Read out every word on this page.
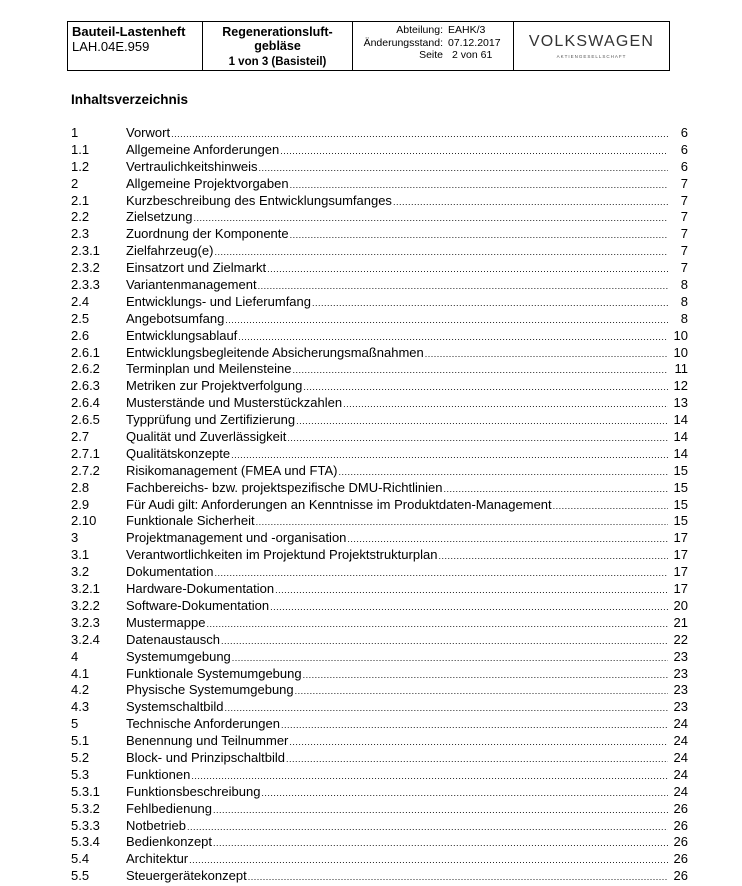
Bauteil-Lastenheft
LAH.04E.959
Regenerationsluft-
gebläse
1 von 3 (Basisteil)
Abteilung:
Änderungsstand:
Seite
EAHK/3
07.12.2017
2 von 61
VOLKSWAGEN
AKTIENGESELLSCHAFT
Inhaltsverzeichnis
1	Vorwort .....	6
1.1	Allgemeine Anforderungen .....	6
1.2	Vertraulichkeitshinweis .....	6
2	Allgemeine Projektvorgaben .....	7
2.1	Kurzbeschreibung des Entwicklungsumfanges .....	7
2.2	Zielsetzung .....	7
2.3	Zuordnung der Komponente .....	7
2.3.1	Zielfahrzeug(e) .....	7
2.3.2	Einsatzort und Zielmarkt .....	7
2.3.3	Variantenmanagement .....	8
2.4	Entwicklungs- und Lieferumfang .....	8
2.5	Angebotsumfang .....	8
2.6	Entwicklungsablauf .....	10
2.6.1	Entwicklungsbegleitende Absicherungsmaßnahmen .....	10
2.6.2	Terminplan und Meilensteine .....	11
2.6.3	Metriken zur Projektverfolgung .....	12
2.6.4	Musterstände und Musterstückzahlen .....	13
2.6.5	Typprüfung und Zertifizierung .....	14
2.7	Qualität und Zuverlässigkeit .....	14
2.7.1	Qualitätskonzepte .....	14
2.7.2	Risikomanagement (FMEA und FTA) .....	15
2.8	Fachbereichs- bzw. projektspezifische DMU-Richtlinien .....	15
2.9	Für Audi gilt: Anforderungen an Kenntnisse im Produktdaten-Management .....	15
2.10	Funktionale Sicherheit .....	15
3	Projektmanagement und -organisation .....	17
3.1	Verantwortlichkeiten im Projektund Projektstrukturplan .....	17
3.2	Dokumentation .....	17
3.2.1	Hardware-Dokumentation .....	17
3.2.2	Software-Dokumentation .....	20
3.2.3	Mustermappe .....	21
3.2.4	Datenaustausch .....	22
4	Systemumgebung .....	23
4.1	Funktionale Systemumgebung .....	23
4.2	Physische Systemumgebung .....	23
4.3	Systemschaltbild .....	23
5	Technische Anforderungen .....	24
5.1	Benennung und Teilnummer .....	24
5.2	Block- und Prinzipschaltbild .....	24
5.3	Funktionen .....	24
5.3.1	Funktionsbeschreibung .....	24
5.3.2	Fehlbedienung .....	26
5.3.3	Notbetrieb .....	26
5.3.4	Bedienkonzept .....	26
5.4	Architektur .....	26
5.5	Steuergerätekonzept .....	26
